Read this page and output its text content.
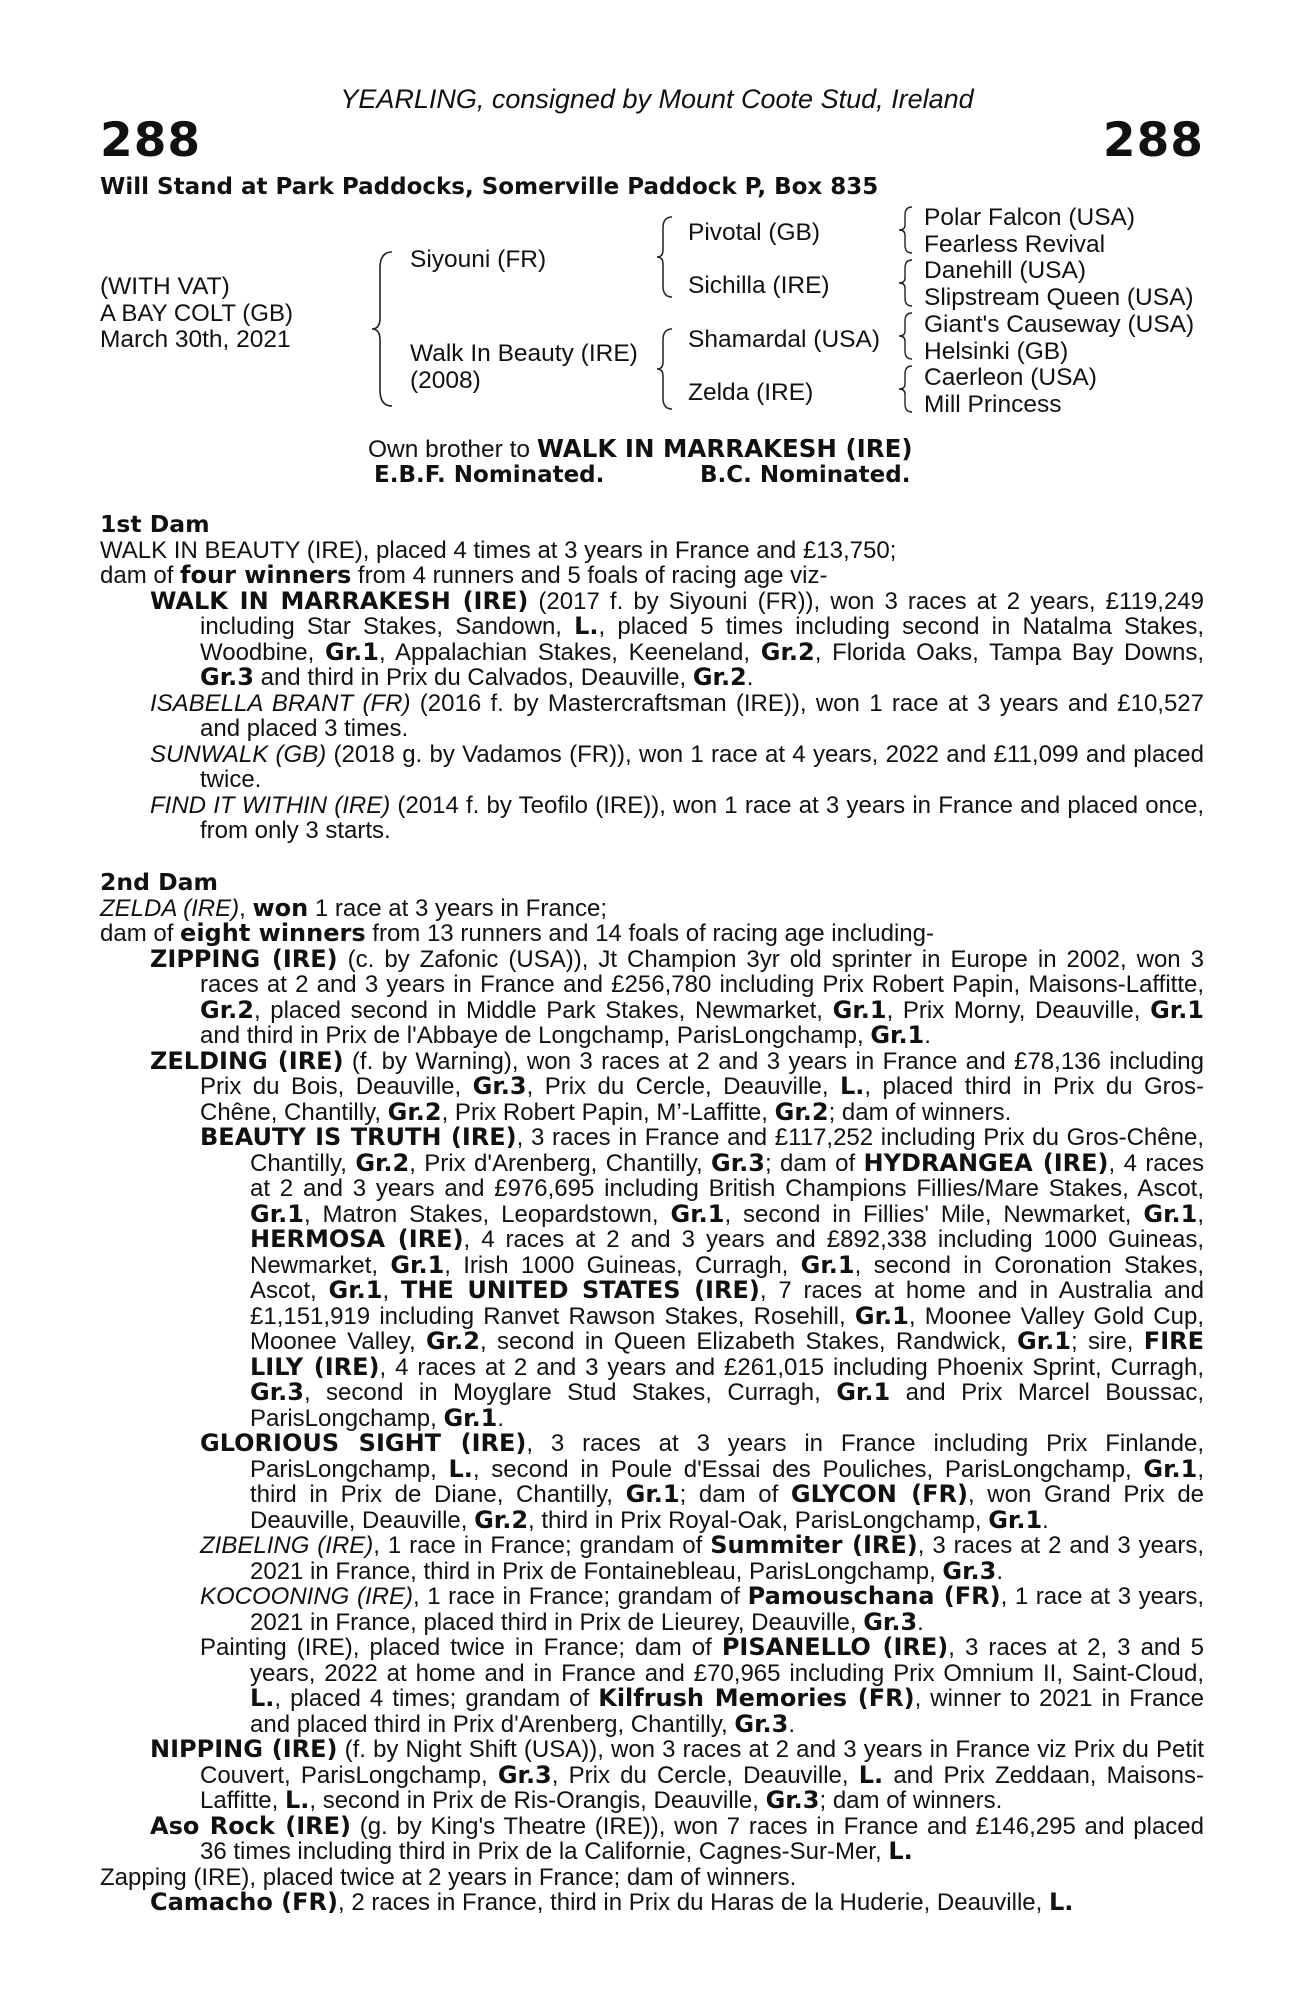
288	288
YEARLING, consigned by Mount Coote Stud, Ireland
Will Stand at Park Paddocks, Somerville Paddock P, Box 835
(WITH VAT)
A BAY COLT (GB)
March 30th, 2021
Siyouni (FR)
Walk In Beauty (IRE)
(2008)
Pivotal (GB)
Sichilla (IRE)
Shamardal (USA)
Zelda (IRE)
Polar Falcon (USA)
Fearless Revival
Danehill (USA)
Slipstream Queen (USA)
Giant's Causeway (USA)
Helsinki (GB)
Caerleon (USA)
Mill Princess
Own brother to WALK IN MARRAKESH (IRE)
E.B.F. Nominated.	B.C. Nominated.
1st Dam

WALK IN BEAUTY (IRE), placed 4 times at 3 years in France and £13,750;

dam of four winners from 4 runners and 5 foals of racing age viz-

WALK IN MARRAKESH (IRE) (2017 f. by Siyouni (FR)), won 3 races at 2 years, £119,249 including Star Stakes, Sandown, L., placed 5 times including second in Natalma Stakes, Woodbine, Gr.1, Appalachian Stakes, Keeneland, Gr.2, Florida Oaks, Tampa Bay Downs, Gr.3 and third in Prix du Calvados, Deauville, Gr.2.

ISABELLA BRANT (FR) (2016 f. by Mastercraftsman (IRE)), won 1 race at 3 years and £10,527 and placed 3 times.

SUNWALK (GB) (2018 g. by Vadamos (FR)), won 1 race at 4 years, 2022 and £11,099 and placed twice.

FIND IT WITHIN (IRE) (2014 f. by Teofilo (IRE)), won 1 race at 3 years in France and placed once, from only 3 starts.

2nd Dam

ZELDA (IRE), won 1 race at 3 years in France;

dam of eight winners from 13 runners and 14 foals of racing age including-

ZIPPING (IRE) (c. by Zafonic (USA)), Jt Champion 3yr old sprinter in Europe in 2002, won 3 races at 2 and 3 years in France and £256,780 including Prix Robert Papin, Maisons-Laffitte, Gr.2, placed second in Middle Park Stakes, Newmarket, Gr.1, Prix Morny, Deauville, Gr.1 and third in Prix de l'Abbaye de Longchamp, ParisLongchamp, Gr.1.

ZELDING (IRE) (f. by Warning), won 3 races at 2 and 3 years in France and £78,136 including Prix du Bois, Deauville, Gr.3, Prix du Cercle, Deauville, L., placed third in Prix du Gros-Chêne, Chantilly, Gr.2, Prix Robert Papin, M’-Laffitte, Gr.2; dam of winners.

BEAUTY IS TRUTH (IRE), 3 races in France and £117,252 including Prix du Gros-Chêne, Chantilly, Gr.2, Prix d'Arenberg, Chantilly, Gr.3; dam of HYDRANGEA (IRE), 4 races at 2 and 3 years and £976,695 including British Champions Fillies/Mare Stakes, Ascot, Gr.1, Matron Stakes, Leopardstown, Gr.1, second in Fillies' Mile, Newmarket, Gr.1, HERMOSA (IRE), 4 races at 2 and 3 years and £892,338 including 1000 Guineas, Newmarket, Gr.1, Irish 1000 Guineas, Curragh, Gr.1, second in Coronation Stakes, Ascot, Gr.1, THE UNITED STATES (IRE), 7 races at home and in Australia and £1,151,919 including Ranvet Rawson Stakes, Rosehill, Gr.1, Moonee Valley Gold Cup, Moonee Valley, Gr.2, second in Queen Elizabeth Stakes, Randwick, Gr.1; sire, FIRE LILY (IRE), 4 races at 2 and 3 years and £261,015 including Phoenix Sprint, Curragh, Gr.3, second in Moyglare Stud Stakes, Curragh, Gr.1 and Prix Marcel Boussac, ParisLongchamp, Gr.1.

GLORIOUS SIGHT (IRE), 3 races at 3 years in France including Prix Finlande, ParisLongchamp, L., second in Poule d'Essai des Pouliches, ParisLongchamp, Gr.1, third in Prix de Diane, Chantilly, Gr.1; dam of GLYCON (FR), won Grand Prix de Deauville, Deauville, Gr.2, third in Prix Royal-Oak, ParisLongchamp, Gr.1.

ZIBELING (IRE), 1 race in France; grandam of Summiter (IRE), 3 races at 2 and 3 years, 2021 in France, third in Prix de Fontainebleau, ParisLongchamp, Gr.3.

KOCOONING (IRE), 1 race in France; grandam of Pamouschana (FR), 1 race at 3 years, 2021 in France, placed third in Prix de Lieurey, Deauville, Gr.3.

Painting (IRE), placed twice in France; dam of PISANELLO (IRE), 3 races at 2, 3 and 5 years, 2022 at home and in France and £70,965 including Prix Omnium II, Saint-Cloud, L., placed 4 times; grandam of Kilfrush Memories (FR), winner to 2021 in France and placed third in Prix d'Arenberg, Chantilly, Gr.3.

NIPPING (IRE) (f. by Night Shift (USA)), won 3 races at 2 and 3 years in France viz Prix du Petit Couvert, ParisLongchamp, Gr.3, Prix du Cercle, Deauville, L. and Prix Zeddaan, Maisons-Laffitte, L., second in Prix de Ris-Orangis, Deauville, Gr.3; dam of winners.

Aso Rock (IRE) (g. by King's Theatre (IRE)), won 7 races in France and £146,295 and placed 36 times including third in Prix de la Californie, Cagnes-Sur-Mer, L.

Zapping (IRE), placed twice at 2 years in France; dam of winners.

Camacho (FR), 2 races in France, third in Prix du Haras de la Huderie, Deauville, L.
